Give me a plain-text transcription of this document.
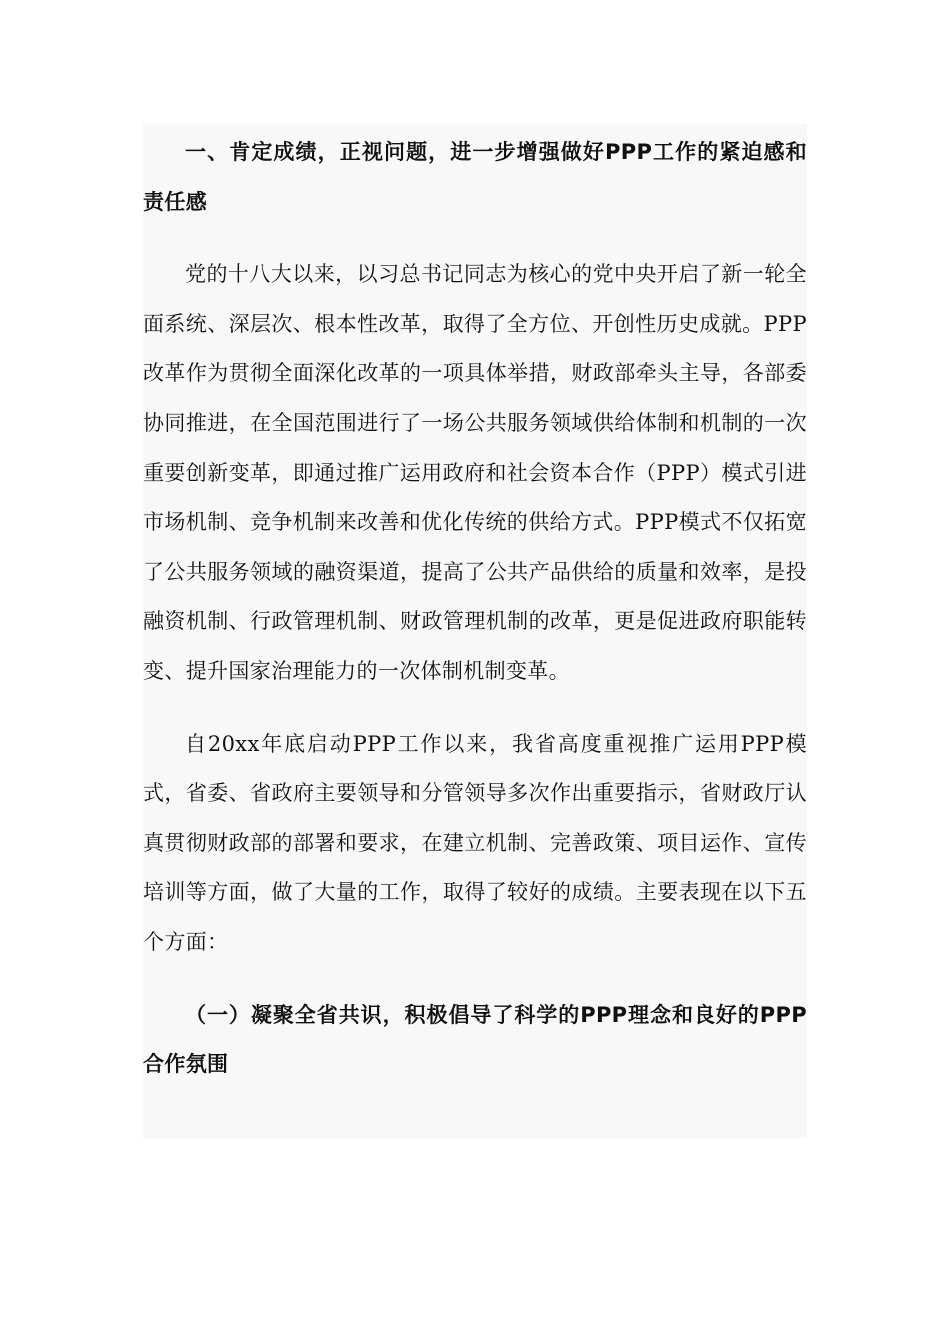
一、肯定成绩，正视问题，进一步增强做好PPP工作的紧迫感和责任感

党的十八大以来，以习总书记同志为核心的党中央开启了新一轮全面系统、深层次、根本性改革，取得了全方位、开创性历史成就。PPP改革作为贯彻全面深化改革的一项具体举措，财政部牵头主导，各部委协同推进，在全国范围进行了一场公共服务领域供给体制和机制的一次重要创新变革，即通过推广运用政府和社会资本合作（PPP）模式引进市场机制、竞争机制来改善和优化传统的供给方式。PPP模式不仅拓宽了公共服务领域的融资渠道，提高了公共产品供给的质量和效率，是投融资机制、行政管理机制、财政管理机制的改革，更是促进政府职能转变、提升国家治理能力的一次体制机制变革。

自20xx年底启动PPP工作以来，我省高度重视推广运用PPP模式，省委、省政府主要领导和分管领导多次作出重要指示，省财政厅认真贯彻财政部的部署和要求，在建立机制、完善政策、项目运作、宣传培训等方面，做了大量的工作，取得了较好的成绩。主要表现在以下五个方面：

（一）凝聚全省共识，积极倡导了科学的PPP理念和良好的PPP合作氛围
